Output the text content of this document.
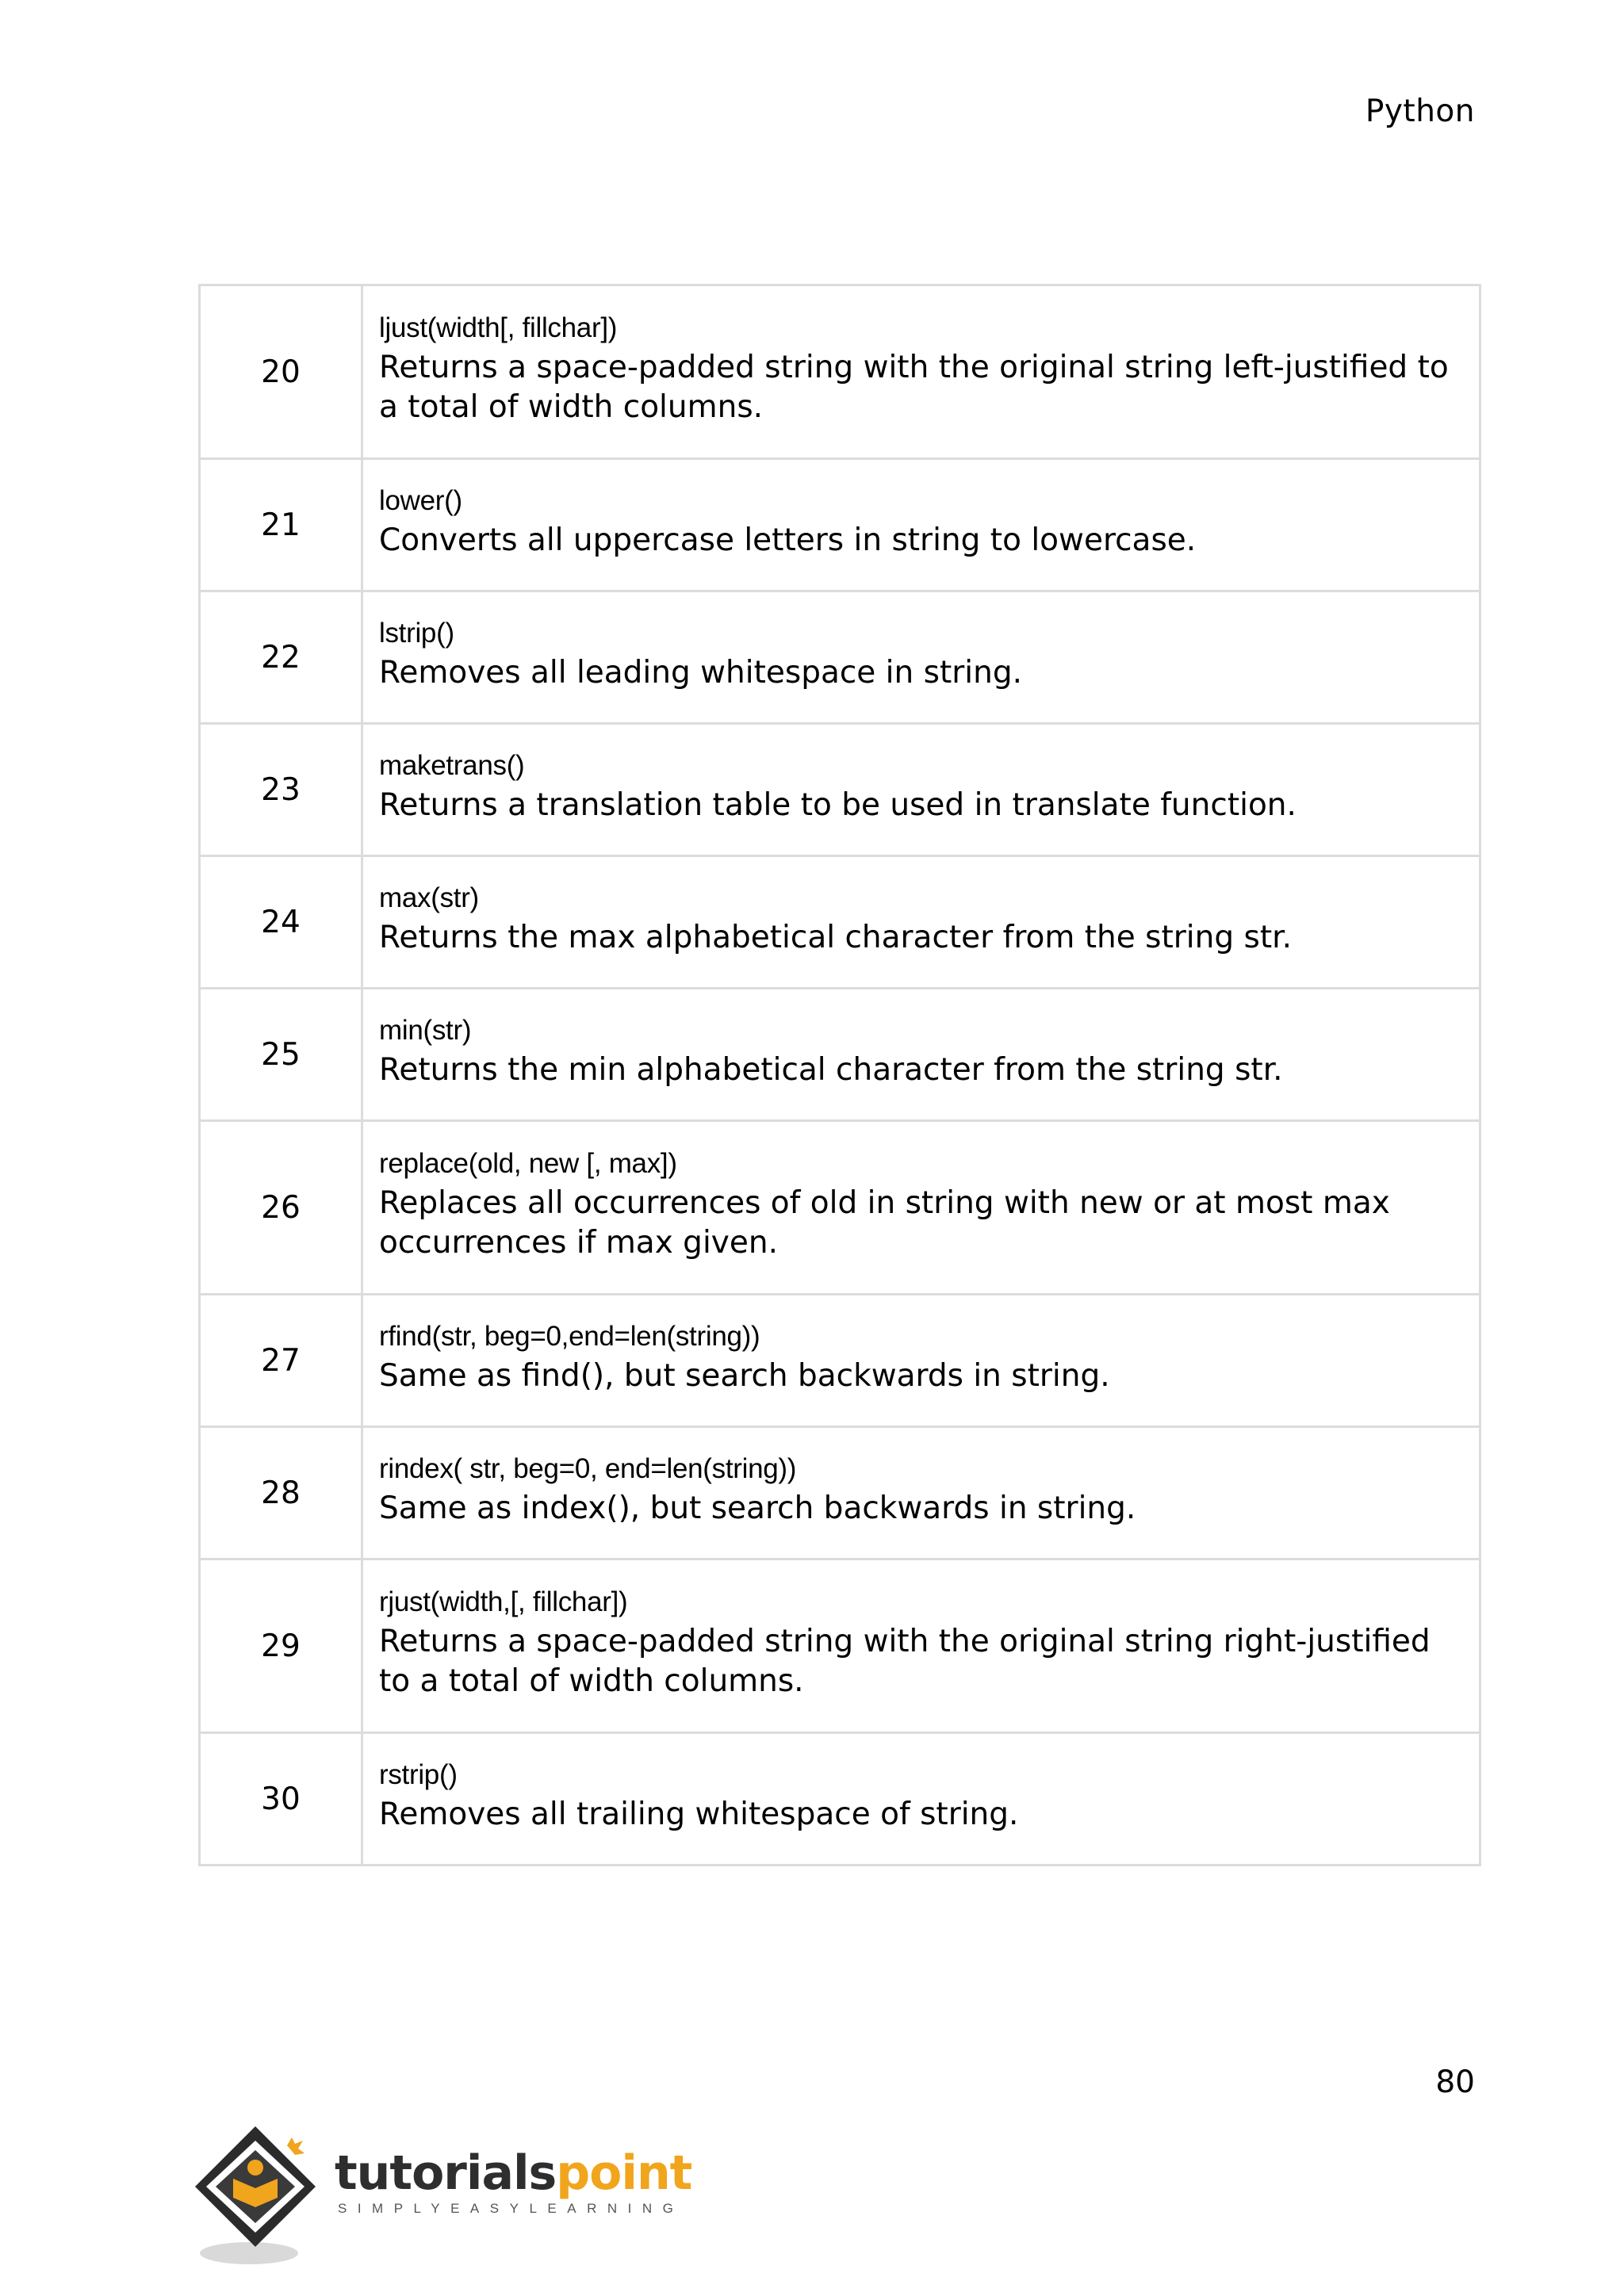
Python
20	ljust(width[, fillchar])
Returns a space-padded string with the original string left-justified to a total of width columns.

21	lower()
Converts all uppercase letters in string to lowercase.

22	lstrip()
Removes all leading whitespace in string.

23	maketrans()
Returns a translation table to be used in translate function.

24	max(str)
Returns the max alphabetical character from the string str.

25	min(str)
Returns the min alphabetical character from the string str.

26	replace(old, new [, max])
Replaces all occurrences of old in string with new or at most max occurrences if max given.

27	rfind(str, beg=0,end=len(string))
Same as find(), but search backwards in string.

28	rindex( str, beg=0, end=len(string))
Same as index(), but search backwards in string.

29	rjust(width,[, fillchar])
Returns a space-padded string with the original string right-justified to a total of width columns.

30	rstrip()
Removes all trailing whitespace of string.
80
tutorialspoint
SIMPLYEASYLEARNING
